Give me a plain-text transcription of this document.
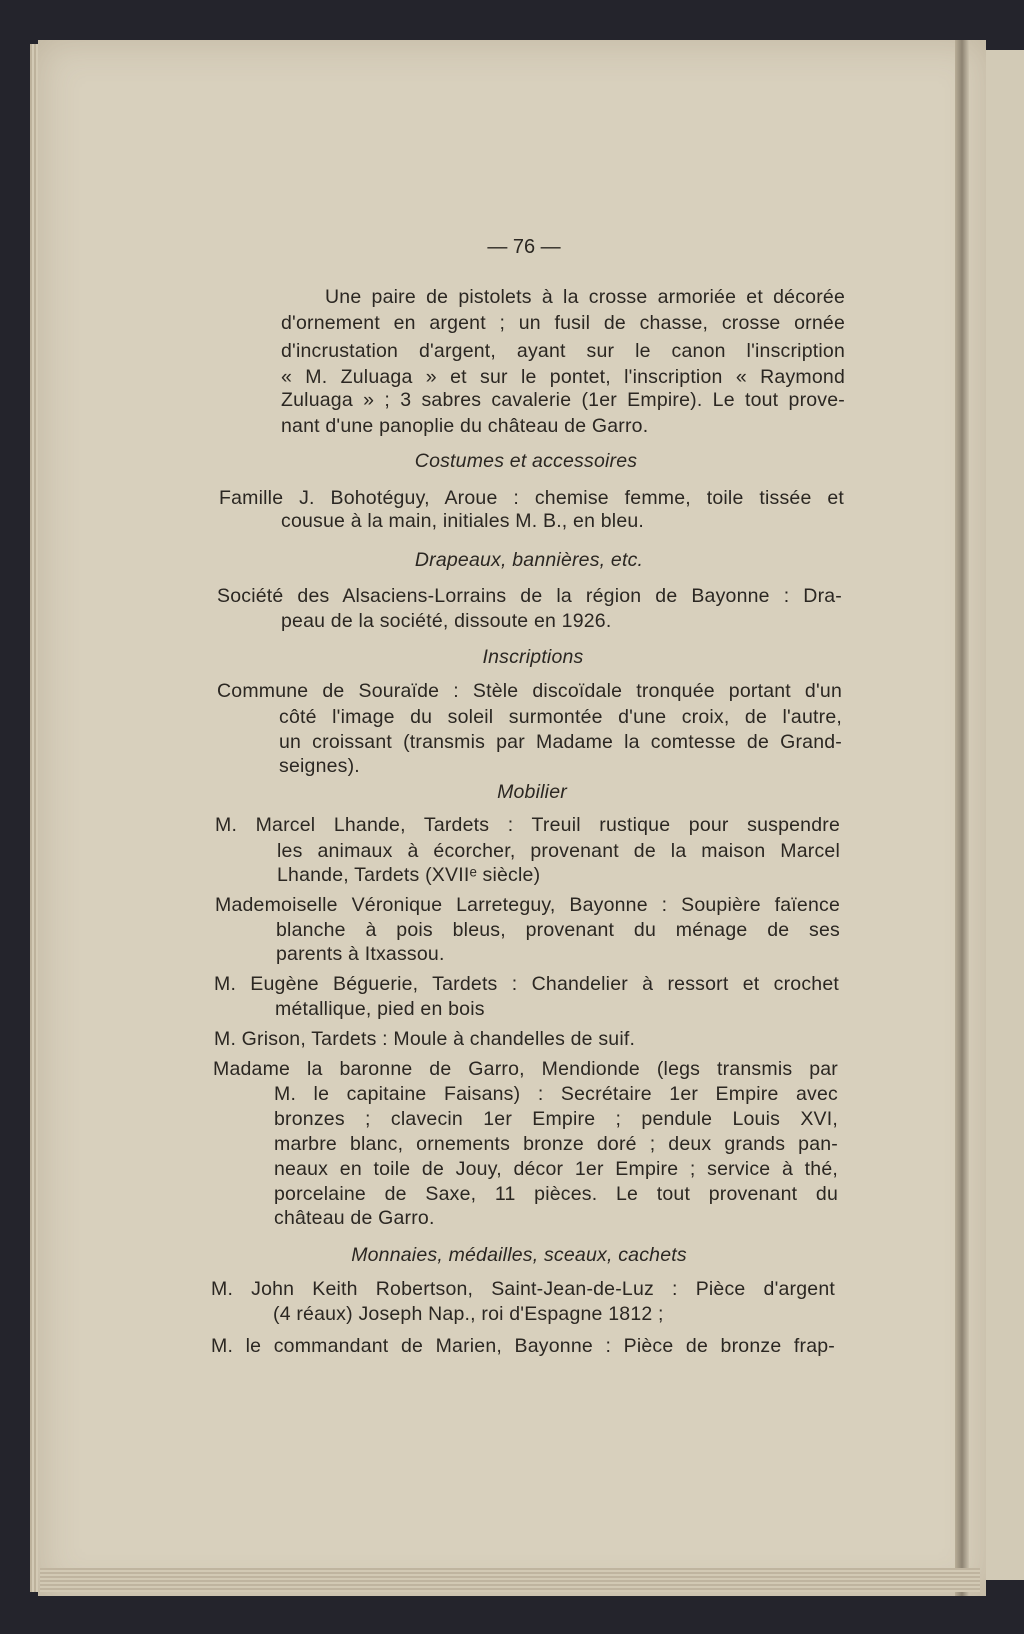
— 76 —
Une paire de pistolets à la crosse armoriée et décorée
d'ornement en argent ; un fusil de chasse, crosse ornée
d'incrustation d'argent, ayant sur le canon l'inscription
« M. Zuluaga » et sur le pontet, l'inscription « Raymond
Zuluaga » ; 3 sabres cavalerie (1er Empire). Le tout prove-
nant d'une panoplie du château de Garro.
Costumes et accessoires
Famille J. Bohotéguy, Aroue : chemise femme, toile tissée et
cousue à la main, initiales M. B., en bleu.
Drapeaux, bannières, etc.
Société des Alsaciens-Lorrains de la région de Bayonne : Dra-
peau de la société, dissoute en 1926.
Inscriptions
Commune de Souraïde : Stèle discoïdale tronquée portant d'un
côté l'image du soleil surmontée d'une croix, de l'autre,
un croissant (transmis par Madame la comtesse de Grand-
seignes).
Mobilier
M. Marcel Lhande, Tardets : Treuil rustique pour suspendre
les animaux à écorcher, provenant de la maison Marcel
Lhande, Tardets (XVIIᵉ siècle)
Mademoiselle Véronique Larreteguy, Bayonne : Soupière faïence
blanche à pois bleus, provenant du ménage de ses
parents à Itxassou.
M. Eugène Béguerie, Tardets : Chandelier à ressort et crochet
métallique, pied en bois
M. Grison, Tardets : Moule à chandelles de suif.
Madame la baronne de Garro, Mendionde (legs transmis par
M. le capitaine Faisans) : Secrétaire 1er Empire avec
bronzes ; clavecin 1er Empire ; pendule Louis XVI,
marbre blanc, ornements bronze doré ; deux grands pan-
neaux en toile de Jouy, décor 1er Empire ; service à thé,
porcelaine de Saxe, 11 pièces. Le tout provenant du
château de Garro.
Monnaies, médailles, sceaux, cachets
M. John Keith Robertson, Saint-Jean-de-Luz : Pièce d'argent
(4 réaux) Joseph Nap., roi d'Espagne 1812 ;
M. le commandant de Marien, Bayonne : Pièce de bronze frap-
